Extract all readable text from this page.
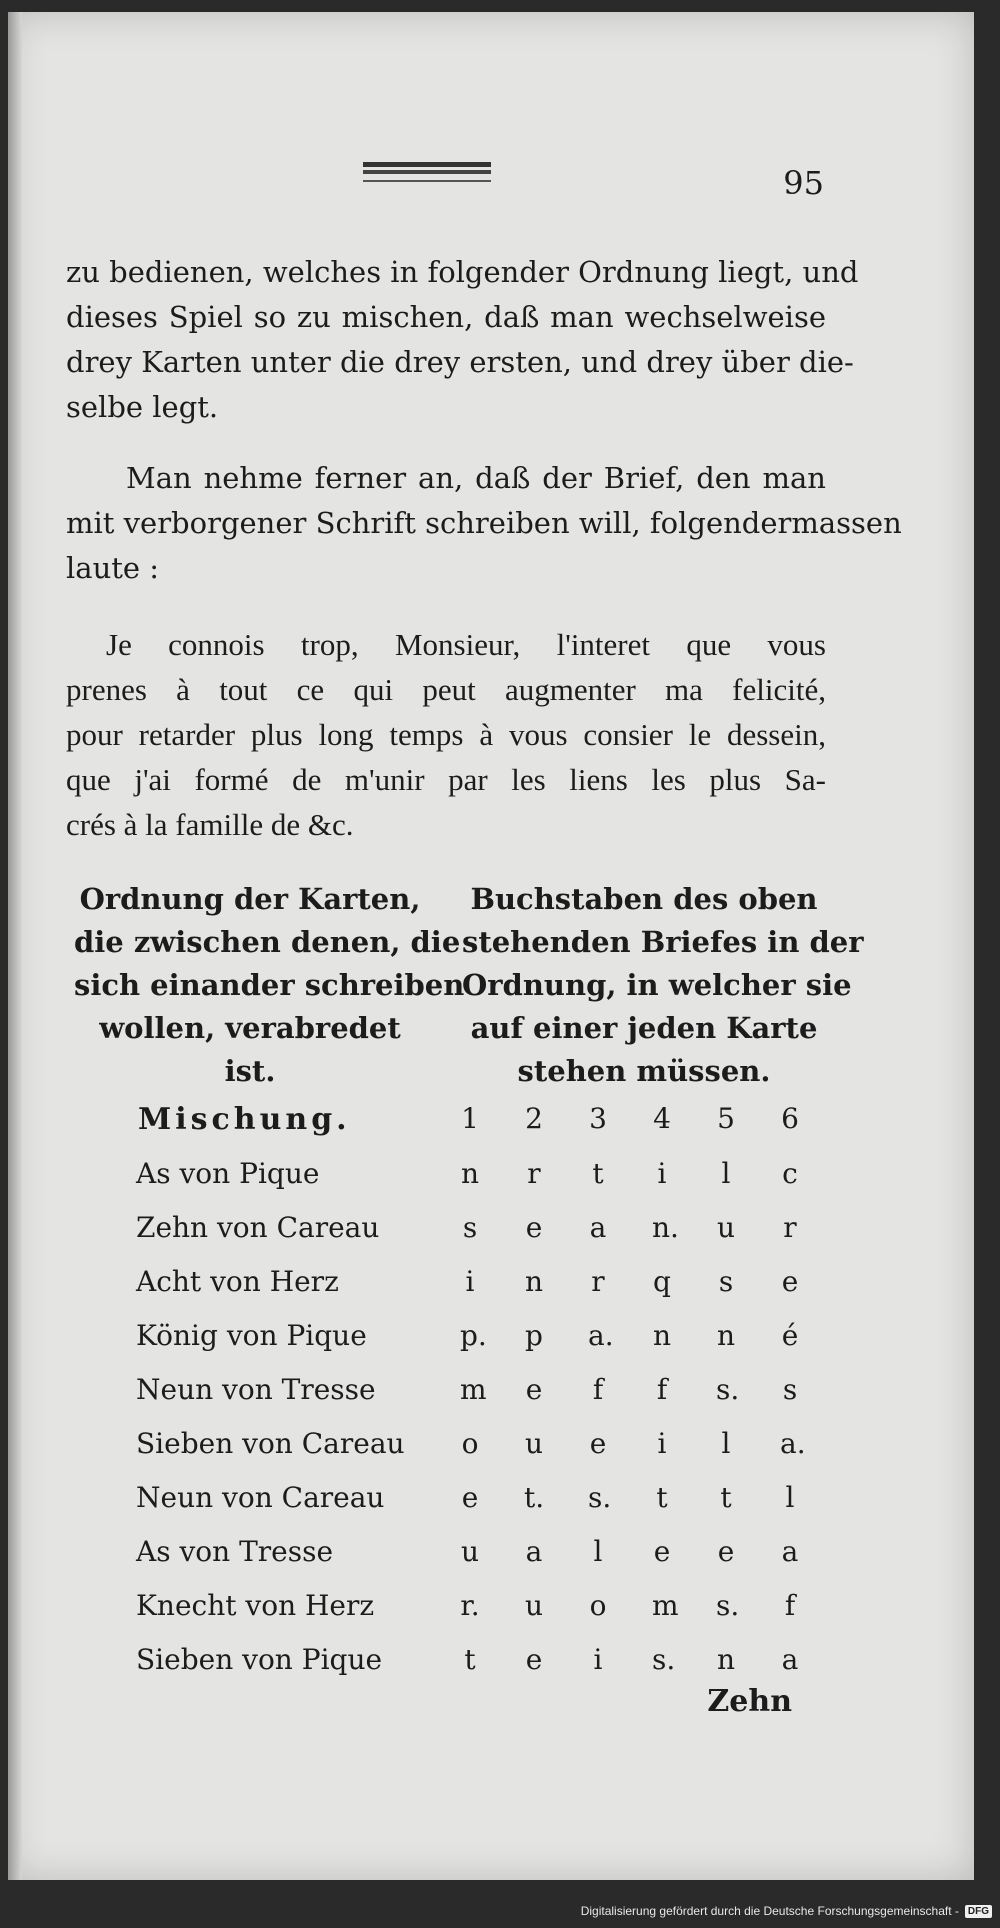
95
zu bedienen, welches in folgender Ordnung liegt, und
dieses Spiel so zu mischen, daß man wechselweise
drey Karten unter die drey ersten, und drey über die-
selbe legt.
Man nehme ferner an, daß der Brief, den man
mit verborgener Schrift schreiben will, folgendermassen
laute :
Je connois trop, Monsieur, l'interet que vous
prenes à tout ce qui peut augmenter ma felicité,
pour retarder plus long temps à vous consier le dessein,
que j'ai formé de m'unir par les liens les plus Sa-
crés à la famille de &c.
Ordnung der Karten,
die zwischen denen, die
sich einander schreiben
wollen, verabredet
ist.
Buchstaben des oben
stehenden Briefes in der
Ordnung, in welcher sie
auf einer jeden Karte
stehen müssen.
Mischung.	1 2 3 4 5 6
As von Pique	n r t i l c
Zehn von Careau	s e a n. u r
Acht von Herz	i n r q s e
König von Pique	p. p a. n n é
Neun von Tresse	m e f f s. s
Sieben von Careau o u e i l a.
Neun von Careau	e t. s. t t l
As von Tresse	u a l e e a
Knecht von Herz	r. u o m s. f
Sieben von Pique	t e i s. n a
Zehn
Digitalisierung gefördert durch die Deutsche Forschungsgemeinschaft - DFG
